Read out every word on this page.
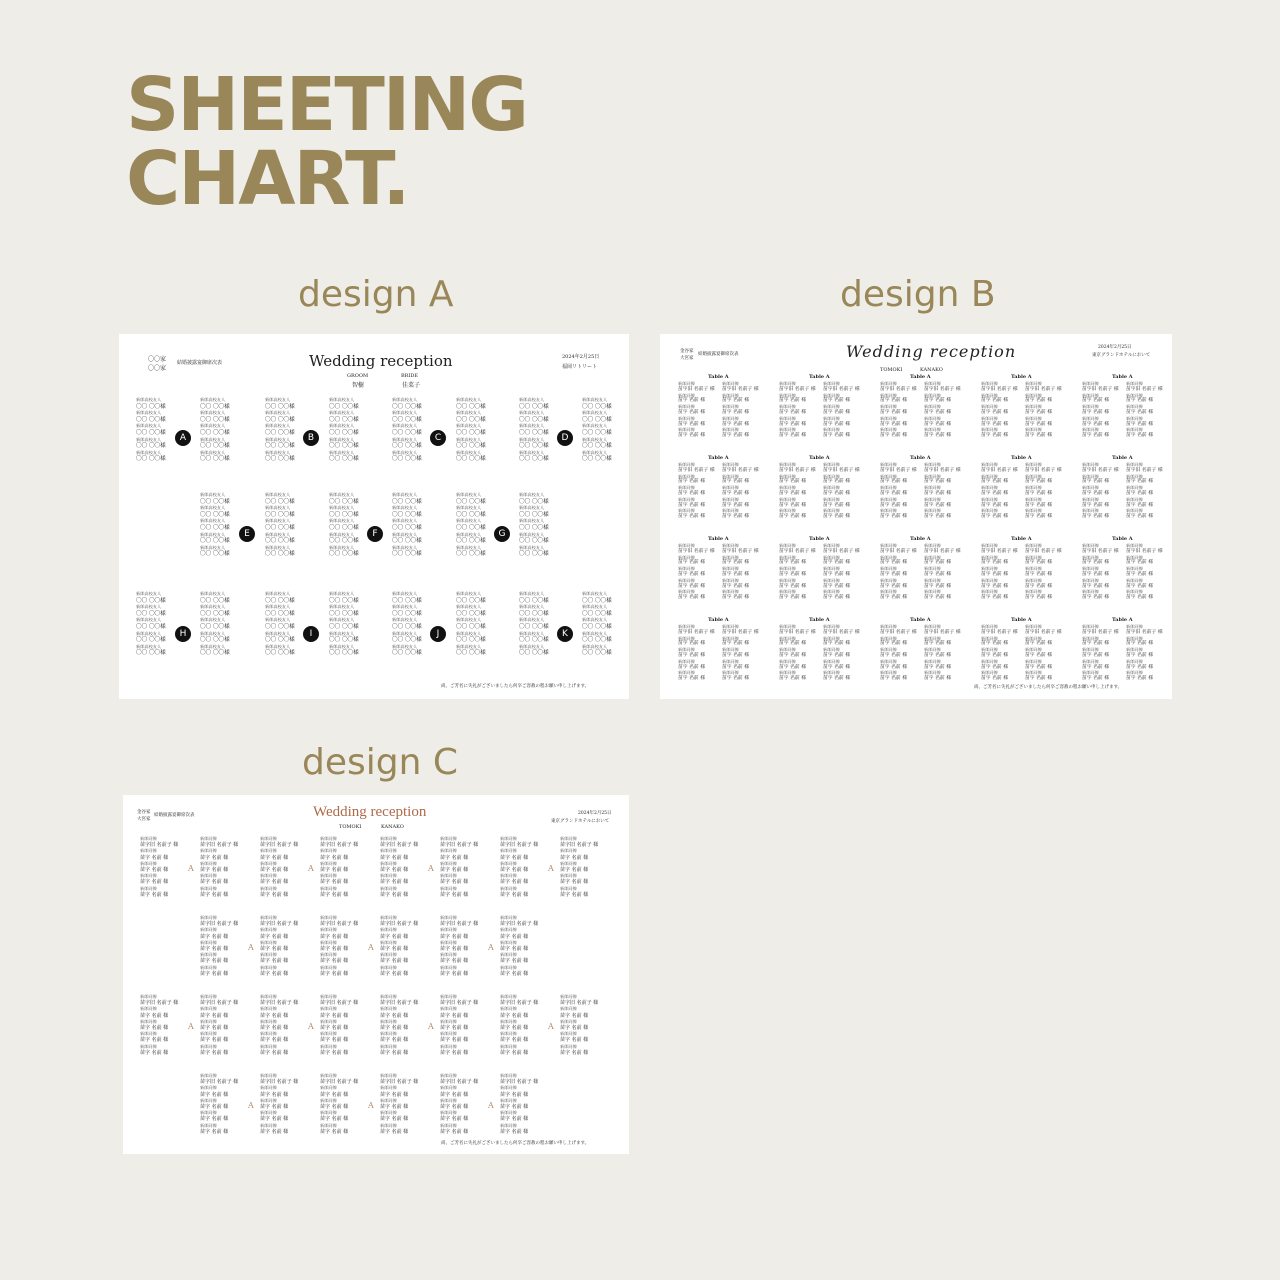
SHEETING
CHART.
design A	design B
design C
〇〇家
〇〇家
結婚披露宴御席次表	Wedding reception
GROOM
智樹
BRIDE
佳菜子
2024年2月25日
福岡リトリート
尚、ご芳名に失礼がございましたら何卒ご容赦の程お願い申し上げます。
新郎高校友人
〇〇 〇〇様
新郎高校友人
〇〇 〇〇様
新郎高校友人
〇〇 〇〇様
新郎高校友人
〇〇 〇〇様
新郎高校友人
〇〇 〇〇様
新郎高校友人
〇〇 〇〇様
新郎高校友人
〇〇 〇〇様
新郎高校友人
〇〇 〇〇様
新郎高校友人
〇〇 〇〇様
新郎高校友人
〇〇 〇〇様
新郎高校友人
〇〇 〇〇様
新郎高校友人
〇〇 〇〇様
新郎高校友人
〇〇 〇〇様
新郎高校友人
〇〇 〇〇様
新郎高校友人
〇〇 〇〇様
新郎高校友人
〇〇 〇〇様
新郎高校友人
〇〇 〇〇様
新郎高校友人
〇〇 〇〇様
新郎高校友人
〇〇 〇〇様
新郎高校友人
〇〇 〇〇様
新郎高校友人
〇〇 〇〇様
新郎高校友人
〇〇 〇〇様
新郎高校友人
〇〇 〇〇様
新郎高校友人
〇〇 〇〇様
新郎高校友人
〇〇 〇〇様
新郎高校友人
〇〇 〇〇様
新郎高校友人
〇〇 〇〇様
新郎高校友人
〇〇 〇〇様
新郎高校友人
〇〇 〇〇様
新郎高校友人
〇〇 〇〇様
新郎高校友人
〇〇 〇〇様
新郎高校友人
〇〇 〇〇様
新郎高校友人
〇〇 〇〇様
新郎高校友人
〇〇 〇〇様
新郎高校友人
〇〇 〇〇様
新郎高校友人
〇〇 〇〇様
新郎高校友人
〇〇 〇〇様
新郎高校友人
〇〇 〇〇様
新郎高校友人
〇〇 〇〇様
新郎高校友人
〇〇 〇〇様
新郎高校友人
〇〇 〇〇様
新郎高校友人
〇〇 〇〇様
新郎高校友人
〇〇 〇〇様
新郎高校友人
〇〇 〇〇様
新郎高校友人
〇〇 〇〇様
新郎高校友人
〇〇 〇〇様
新郎高校友人
〇〇 〇〇様
新郎高校友人
〇〇 〇〇様
新郎高校友人
〇〇 〇〇様
新郎高校友人
〇〇 〇〇様
新郎高校友人
〇〇 〇〇様
新郎高校友人
〇〇 〇〇様
新郎高校友人
〇〇 〇〇様
新郎高校友人
〇〇 〇〇様
新郎高校友人
〇〇 〇〇様
新郎高校友人
〇〇 〇〇様
新郎高校友人
〇〇 〇〇様
新郎高校友人
〇〇 〇〇様
新郎高校友人
〇〇 〇〇様
新郎高校友人
〇〇 〇〇様
新郎高校友人
〇〇 〇〇様
新郎高校友人
〇〇 〇〇様
新郎高校友人
〇〇 〇〇様
新郎高校友人
〇〇 〇〇様
新郎高校友人
〇〇 〇〇様
新郎高校友人
〇〇 〇〇様
新郎高校友人
〇〇 〇〇様
新郎高校友人
〇〇 〇〇様
新郎高校友人
〇〇 〇〇様
新郎高校友人
〇〇 〇〇様
新郎高校友人
〇〇 〇〇様
新郎高校友人
〇〇 〇〇様
新郎高校友人
〇〇 〇〇様
新郎高校友人
〇〇 〇〇様
新郎高校友人
〇〇 〇〇様
新郎高校友人
〇〇 〇〇様
新郎高校友人
〇〇 〇〇様
新郎高校友人
〇〇 〇〇様
新郎高校友人
〇〇 〇〇様
新郎高校友人
〇〇 〇〇様
新郎高校友人
〇〇 〇〇様
新郎高校友人
〇〇 〇〇様
新郎高校友人
〇〇 〇〇様
新郎高校友人
〇〇 〇〇様
新郎高校友人
〇〇 〇〇様
新郎高校友人
〇〇 〇〇様
新郎高校友人
〇〇 〇〇様
新郎高校友人
〇〇 〇〇様
新郎高校友人
〇〇 〇〇様
新郎高校友人
〇〇 〇〇様
新郎高校友人
〇〇 〇〇様
新郎高校友人
〇〇 〇〇様
新郎高校友人
〇〇 〇〇様
新郎高校友人
〇〇 〇〇様
新郎高校友人
〇〇 〇〇様
新郎高校友人
〇〇 〇〇様
新郎高校友人
〇〇 〇〇様
新郎高校友人
〇〇 〇〇様
新郎高校友人
〇〇 〇〇様
新郎高校友人
〇〇 〇〇様
新郎高校友人
〇〇 〇〇様
新郎高校友人
〇〇 〇〇様
新郎高校友人
〇〇 〇〇様
新郎高校友人
〇〇 〇〇様
新郎高校友人
〇〇 〇〇様
新郎高校友人
〇〇 〇〇様
新郎高校友人
〇〇 〇〇様
新郎高校友人
〇〇 〇〇様
新郎高校友人
〇〇 〇〇様
新郎高校友人
〇〇 〇〇様
A	B	C	D
E	F	G
H	I	J	K
金谷家
大宮家
結婚披露宴御席次表	Wedding reception
TOMOKI	KANAKO
2024年2月25日
東京グランドホテルにおいて
尚、ご芳名に失礼がございましたら何卒ご容赦の程お願い申し上げます。
Table A
新郎同僚
苗字旧 名前子 様
新郎同僚
苗字 名前 様
新郎同僚
苗字 名前 様
新郎同僚
苗字 名前 様
新郎同僚
苗字 名前 様
新郎同僚
苗字旧 名前子 様
新郎同僚
苗字 名前 様
新郎同僚
苗字 名前 様
新郎同僚
苗字 名前 様
新郎同僚
苗字 名前 様
Table A
新郎同僚
苗字旧 名前子 様
新郎同僚
苗字 名前 様
新郎同僚
苗字 名前 様
新郎同僚
苗字 名前 様
新郎同僚
苗字 名前 様
新郎同僚
苗字旧 名前子 様
新郎同僚
苗字 名前 様
新郎同僚
苗字 名前 様
新郎同僚
苗字 名前 様
新郎同僚
苗字 名前 様
Table A
新郎同僚
苗字旧 名前子 様
新郎同僚
苗字 名前 様
新郎同僚
苗字 名前 様
新郎同僚
苗字 名前 様
新郎同僚
苗字 名前 様
新郎同僚
苗字旧 名前子 様
新郎同僚
苗字 名前 様
新郎同僚
苗字 名前 様
新郎同僚
苗字 名前 様
新郎同僚
苗字 名前 様
Table A
新郎同僚
苗字旧 名前子 様
新郎同僚
苗字 名前 様
新郎同僚
苗字 名前 様
新郎同僚
苗字 名前 様
新郎同僚
苗字 名前 様
新郎同僚
苗字旧 名前子 様
新郎同僚
苗字 名前 様
新郎同僚
苗字 名前 様
新郎同僚
苗字 名前 様
新郎同僚
苗字 名前 様
Table A
新郎同僚
苗字旧 名前子 様
新郎同僚
苗字 名前 様
新郎同僚
苗字 名前 様
新郎同僚
苗字 名前 様
新郎同僚
苗字 名前 様
新郎同僚
苗字旧 名前子 様
新郎同僚
苗字 名前 様
新郎同僚
苗字 名前 様
新郎同僚
苗字 名前 様
新郎同僚
苗字 名前 様
Table A
新郎同僚
苗字旧 名前子 様
新郎同僚
苗字 名前 様
新郎同僚
苗字 名前 様
新郎同僚
苗字 名前 様
新郎同僚
苗字 名前 様
新郎同僚
苗字旧 名前子 様
新郎同僚
苗字 名前 様
新郎同僚
苗字 名前 様
新郎同僚
苗字 名前 様
新郎同僚
苗字 名前 様
Table A
新郎同僚
苗字旧 名前子 様
新郎同僚
苗字 名前 様
新郎同僚
苗字 名前 様
新郎同僚
苗字 名前 様
新郎同僚
苗字 名前 様
新郎同僚
苗字旧 名前子 様
新郎同僚
苗字 名前 様
新郎同僚
苗字 名前 様
新郎同僚
苗字 名前 様
新郎同僚
苗字 名前 様
Table A
新郎同僚
苗字旧 名前子 様
新郎同僚
苗字 名前 様
新郎同僚
苗字 名前 様
新郎同僚
苗字 名前 様
新郎同僚
苗字 名前 様
新郎同僚
苗字旧 名前子 様
新郎同僚
苗字 名前 様
新郎同僚
苗字 名前 様
新郎同僚
苗字 名前 様
新郎同僚
苗字 名前 様
Table A
新郎同僚
苗字旧 名前子 様
新郎同僚
苗字 名前 様
新郎同僚
苗字 名前 様
新郎同僚
苗字 名前 様
新郎同僚
苗字 名前 様
新郎同僚
苗字旧 名前子 様
新郎同僚
苗字 名前 様
新郎同僚
苗字 名前 様
新郎同僚
苗字 名前 様
新郎同僚
苗字 名前 様
Table A
新郎同僚
苗字旧 名前子 様
新郎同僚
苗字 名前 様
新郎同僚
苗字 名前 様
新郎同僚
苗字 名前 様
新郎同僚
苗字 名前 様
新郎同僚
苗字旧 名前子 様
新郎同僚
苗字 名前 様
新郎同僚
苗字 名前 様
新郎同僚
苗字 名前 様
新郎同僚
苗字 名前 様
Table A
新郎同僚
苗字旧 名前子 様
新郎同僚
苗字 名前 様
新郎同僚
苗字 名前 様
新郎同僚
苗字 名前 様
新郎同僚
苗字 名前 様
新郎同僚
苗字旧 名前子 様
新郎同僚
苗字 名前 様
新郎同僚
苗字 名前 様
新郎同僚
苗字 名前 様
新郎同僚
苗字 名前 様
Table A
新郎同僚
苗字旧 名前子 様
新郎同僚
苗字 名前 様
新郎同僚
苗字 名前 様
新郎同僚
苗字 名前 様
新郎同僚
苗字 名前 様
新郎同僚
苗字旧 名前子 様
新郎同僚
苗字 名前 様
新郎同僚
苗字 名前 様
新郎同僚
苗字 名前 様
新郎同僚
苗字 名前 様
Table A
新郎同僚
苗字旧 名前子 様
新郎同僚
苗字 名前 様
新郎同僚
苗字 名前 様
新郎同僚
苗字 名前 様
新郎同僚
苗字 名前 様
新郎同僚
苗字旧 名前子 様
新郎同僚
苗字 名前 様
新郎同僚
苗字 名前 様
新郎同僚
苗字 名前 様
新郎同僚
苗字 名前 様
Table A
新郎同僚
苗字旧 名前子 様
新郎同僚
苗字 名前 様
新郎同僚
苗字 名前 様
新郎同僚
苗字 名前 様
新郎同僚
苗字 名前 様
新郎同僚
苗字旧 名前子 様
新郎同僚
苗字 名前 様
新郎同僚
苗字 名前 様
新郎同僚
苗字 名前 様
新郎同僚
苗字 名前 様
Table A
新郎同僚
苗字旧 名前子 様
新郎同僚
苗字 名前 様
新郎同僚
苗字 名前 様
新郎同僚
苗字 名前 様
新郎同僚
苗字 名前 様
新郎同僚
苗字旧 名前子 様
新郎同僚
苗字 名前 様
新郎同僚
苗字 名前 様
新郎同僚
苗字 名前 様
新郎同僚
苗字 名前 様
Table A
新郎同僚
苗字旧 名前子 様
新郎同僚
苗字 名前 様
新郎同僚
苗字 名前 様
新郎同僚
苗字 名前 様
新郎同僚
苗字 名前 様
新郎同僚
苗字旧 名前子 様
新郎同僚
苗字 名前 様
新郎同僚
苗字 名前 様
新郎同僚
苗字 名前 様
新郎同僚
苗字 名前 様
Table A
新郎同僚
苗字旧 名前子 様
新郎同僚
苗字 名前 様
新郎同僚
苗字 名前 様
新郎同僚
苗字 名前 様
新郎同僚
苗字 名前 様
新郎同僚
苗字旧 名前子 様
新郎同僚
苗字 名前 様
新郎同僚
苗字 名前 様
新郎同僚
苗字 名前 様
新郎同僚
苗字 名前 様
Table A
新郎同僚
苗字旧 名前子 様
新郎同僚
苗字 名前 様
新郎同僚
苗字 名前 様
新郎同僚
苗字 名前 様
新郎同僚
苗字 名前 様
新郎同僚
苗字旧 名前子 様
新郎同僚
苗字 名前 様
新郎同僚
苗字 名前 様
新郎同僚
苗字 名前 様
新郎同僚
苗字 名前 様
Table A
新郎同僚
苗字旧 名前子 様
新郎同僚
苗字 名前 様
新郎同僚
苗字 名前 様
新郎同僚
苗字 名前 様
新郎同僚
苗字 名前 様
新郎同僚
苗字旧 名前子 様
新郎同僚
苗字 名前 様
新郎同僚
苗字 名前 様
新郎同僚
苗字 名前 様
新郎同僚
苗字 名前 様
Table A
新郎同僚
苗字旧 名前子 様
新郎同僚
苗字 名前 様
新郎同僚
苗字 名前 様
新郎同僚
苗字 名前 様
新郎同僚
苗字 名前 様
新郎同僚
苗字旧 名前子 様
新郎同僚
苗字 名前 様
新郎同僚
苗字 名前 様
新郎同僚
苗字 名前 様
新郎同僚
苗字 名前 様
金谷家
大宮家
結婚披露宴御席次表	Wedding reception
TOMOKI	KANAKO
2024年2月25日
東京グランドホテルにおいて
尚、ご芳名に失礼がございましたら何卒ご容赦の程お願い申し上げます。
新郎同僚
苗字旧 名前子 様
新郎同僚
苗字 名前 様
新郎同僚
苗字 名前 様
新郎同僚
苗字 名前 様
新郎同僚
苗字 名前 様
A
新郎同僚
苗字旧 名前子 様
新郎同僚
苗字 名前 様
新郎同僚
苗字 名前 様
新郎同僚
苗字 名前 様
新郎同僚
苗字 名前 様
新郎同僚
苗字旧 名前子 様
新郎同僚
苗字 名前 様
新郎同僚
苗字 名前 様
新郎同僚
苗字 名前 様
新郎同僚
苗字 名前 様
A
新郎同僚
苗字旧 名前子 様
新郎同僚
苗字 名前 様
新郎同僚
苗字 名前 様
新郎同僚
苗字 名前 様
新郎同僚
苗字 名前 様
新郎同僚
苗字旧 名前子 様
新郎同僚
苗字 名前 様
新郎同僚
苗字 名前 様
新郎同僚
苗字 名前 様
新郎同僚
苗字 名前 様
A
新郎同僚
苗字旧 名前子 様
新郎同僚
苗字 名前 様
新郎同僚
苗字 名前 様
新郎同僚
苗字 名前 様
新郎同僚
苗字 名前 様
新郎同僚
苗字旧 名前子 様
新郎同僚
苗字 名前 様
新郎同僚
苗字 名前 様
新郎同僚
苗字 名前 様
新郎同僚
苗字 名前 様
A
新郎同僚
苗字旧 名前子 様
新郎同僚
苗字 名前 様
新郎同僚
苗字 名前 様
新郎同僚
苗字 名前 様
新郎同僚
苗字 名前 様
新郎同僚
苗字旧 名前子 様
新郎同僚
苗字 名前 様
新郎同僚
苗字 名前 様
新郎同僚
苗字 名前 様
新郎同僚
苗字 名前 様
A
新郎同僚
苗字旧 名前子 様
新郎同僚
苗字 名前 様
新郎同僚
苗字 名前 様
新郎同僚
苗字 名前 様
新郎同僚
苗字 名前 様
新郎同僚
苗字旧 名前子 様
新郎同僚
苗字 名前 様
新郎同僚
苗字 名前 様
新郎同僚
苗字 名前 様
新郎同僚
苗字 名前 様
A
新郎同僚
苗字旧 名前子 様
新郎同僚
苗字 名前 様
新郎同僚
苗字 名前 様
新郎同僚
苗字 名前 様
新郎同僚
苗字 名前 様
新郎同僚
苗字旧 名前子 様
新郎同僚
苗字 名前 様
新郎同僚
苗字 名前 様
新郎同僚
苗字 名前 様
新郎同僚
苗字 名前 様
A
新郎同僚
苗字旧 名前子 様
新郎同僚
苗字 名前 様
新郎同僚
苗字 名前 様
新郎同僚
苗字 名前 様
新郎同僚
苗字 名前 様
新郎同僚
苗字旧 名前子 様
新郎同僚
苗字 名前 様
新郎同僚
苗字 名前 様
新郎同僚
苗字 名前 様
新郎同僚
苗字 名前 様
A
新郎同僚
苗字旧 名前子 様
新郎同僚
苗字 名前 様
新郎同僚
苗字 名前 様
新郎同僚
苗字 名前 様
新郎同僚
苗字 名前 様
新郎同僚
苗字旧 名前子 様
新郎同僚
苗字 名前 様
新郎同僚
苗字 名前 様
新郎同僚
苗字 名前 様
新郎同僚
苗字 名前 様
A
新郎同僚
苗字旧 名前子 様
新郎同僚
苗字 名前 様
新郎同僚
苗字 名前 様
新郎同僚
苗字 名前 様
新郎同僚
苗字 名前 様
新郎同僚
苗字旧 名前子 様
新郎同僚
苗字 名前 様
新郎同僚
苗字 名前 様
新郎同僚
苗字 名前 様
新郎同僚
苗字 名前 様
A
新郎同僚
苗字旧 名前子 様
新郎同僚
苗字 名前 様
新郎同僚
苗字 名前 様
新郎同僚
苗字 名前 様
新郎同僚
苗字 名前 様
新郎同僚
苗字旧 名前子 様
新郎同僚
苗字 名前 様
新郎同僚
苗字 名前 様
新郎同僚
苗字 名前 様
新郎同僚
苗字 名前 様
A
新郎同僚
苗字旧 名前子 様
新郎同僚
苗字 名前 様
新郎同僚
苗字 名前 様
新郎同僚
苗字 名前 様
新郎同僚
苗字 名前 様
新郎同僚
苗字旧 名前子 様
新郎同僚
苗字 名前 様
新郎同僚
苗字 名前 様
新郎同僚
苗字 名前 様
新郎同僚
苗字 名前 様
A
新郎同僚
苗字旧 名前子 様
新郎同僚
苗字 名前 様
新郎同僚
苗字 名前 様
新郎同僚
苗字 名前 様
新郎同僚
苗字 名前 様
新郎同僚
苗字旧 名前子 様
新郎同僚
苗字 名前 様
新郎同僚
苗字 名前 様
新郎同僚
苗字 名前 様
新郎同僚
苗字 名前 様
A
新郎同僚
苗字旧 名前子 様
新郎同僚
苗字 名前 様
新郎同僚
苗字 名前 様
新郎同僚
苗字 名前 様
新郎同僚
苗字 名前 様
新郎同僚
苗字旧 名前子 様
新郎同僚
苗字 名前 様
新郎同僚
苗字 名前 様
新郎同僚
苗字 名前 様
新郎同僚
苗字 名前 様
A
新郎同僚
苗字旧 名前子 様
新郎同僚
苗字 名前 様
新郎同僚
苗字 名前 様
新郎同僚
苗字 名前 様
新郎同僚
苗字 名前 様
